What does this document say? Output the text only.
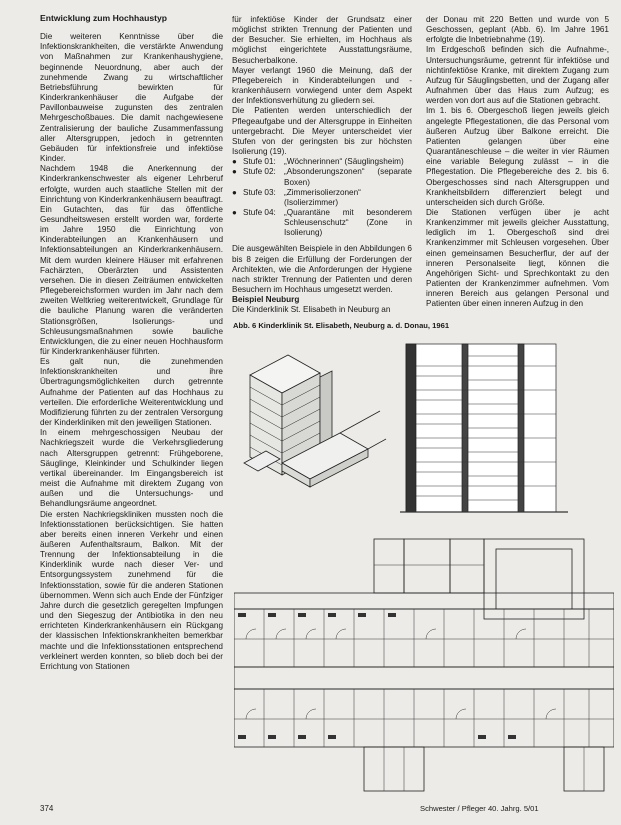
Entwicklung zum Hochhaustyp

Die weiteren Kenntnisse über die Infektionskrankheiten, die verstärkte Anwendung von Maßnahmen zur Krankenhaushygiene, beginnende Neuordnung, aber auch der zunehmende Zwang zu wirtschaftlicher Betriebsführung bewirkten für Kinderkrankenhäuser die Aufgabe der Pavillonbauweise zugunsten des zentralen Mehrgeschoßbaues. Die damit nachgewiesene Zentralisierung der bauliche Zusammenfassung aller Altersgruppen, jedoch in getrennten Gebäuden für infektionsfreie und infektiöse Kinder.

Nachdem 1948 die Anerkennung der Kinderkrankenschwester als eigener Lehrberuf erfolgte, wurden auch staatliche Stellen mit der Einrichtung von Kinderkrankenhäusern beauftragt. Ein Gutachten, das für das öffentliche Gesundheitswesen erstellt worden war, forderte im Jahre 1950 die Einrichtung von Kinderabteilungen an Krankenhäusern und Infektionsabteilungen an Kinderkrankenhäusern. Mit dem wurden kleinere Häuser mit erfahrenen Fachärzten, Oberärzten und Assistenten versehen. Die in diesen Zeiträumen entwickelten Pflegebereichsformen wurden im Jahr nach dem zweiten Weltkrieg weiterentwickelt, Grundlage für die bauliche Planung waren die veränderten Stationsgrößen, Isolierungs- und Schleusungsmaßnahmen sowie bauliche Entwicklungen, die zu einer neuen Hochhausform für Kinderkrankenhäuser führten.

Es galt nun, die zunehmenden Infektionskrankheiten und ihre Übertragungsmöglichkeiten durch getrennte Aufnahme der Patienten auf das Hochhaus zu verteilen. Die erforderliche Weiterentwicklung und Modifizierung führten zu der zentralen Versorgung der Kinderkliniken mit den jeweiligen Stationen.

In einem mehrgeschossigen Neubau der Nachkriegszeit wurde die Verkehrsgliederung nach Altersgruppen getrennt: Frühgeborene, Säuglinge, Kleinkinder und Schulkinder liegen vertikal übereinander. Im Eingangsbereich ist meist die Aufnahme mit direktem Zugang von außen und die Untersuchungs- und Behandlungsräume angeordnet.

Die ersten Nachkriegskliniken mussten noch die Infektionsstationen berücksichtigen. Sie hatten aber bereits einen inneren Verkehr und einen äußeren Aufenthaltsraum, Balkon. Mit der Trennung der Infektionsabteilung in die Kinderklinik wurde nach dieser Ver- und Entsorgungssystem zunehmend für die Infektionsstation, sowie für die anderen Stationen übernommen. Wenn sich auch Ende der Fünfziger Jahre durch die gesetzlich geregelten Impfungen und den Siegeszug der Antibiotika in den neu errichteten Kinderkrankenhäusern ein Rückgang der klassischen Infektionskrankheiten bemerkbar machte und die Infektionsstationen entsprechend verkleinert werden konnten, so blieb doch bei der Errichtung von Stationen

für infektiöse Kinder der Grundsatz einer möglichst strikten Trennung der Patienten und der Besucher. Sie erhielten, im Hochhaus als möglichst eingerichtete Ausstattungsräume, Besucherbalkone.

Mayer verlangt 1960 die Meinung, daß der Pflegebereich in Kinderabteilungen und -krankenhäusern vorwiegend unter dem Aspekt der Infektionsverhütung zu gliedern sei.

Die Patienten werden unterschiedlich der Pflegeaufgabe und der Altersgruppe in Einheiten untergebracht. Die Meyer unterscheidet vier Stufen von der geringsten bis zur höchsten Isolierung (19).

● Stufe 01:	„Wöchnerinnen“ (Säuglingsheim)
● Stufe 02:	„Absonderungszonen“ (separate Boxen)
● Stufe 03:	„Zimmerisolierzonen“ (Isolierzimmer)
● Stufe 04:	„Quarantäne mit besonderem Schleusenschutz“ (Zone in Isolierung)

Die ausgewählten Beispiele in den Abbildungen 6 bis 8 zeigen die Erfüllung der Forderungen der Architekten, wie die Anforderungen der Hygiene nach strikter Trennung der Patienten und deren Besuchern im Hochhaus umgesetzt werden.

Beispiel Neuburg

Die Kinderklinik St. Elisabeth in Neuburg an

der Donau mit 220 Betten und wurde von 5 Geschossen, geplant (Abb. 6). Im Jahre 1961 erfolgte die Inbetriebnahme (19).

Im Erdgeschoß befinden sich die Aufnahme-, Untersuchungsräume, getrennt für infektiöse und nichtinfektiöse Kranke, mit direktem Zugang zum Aufzug für Säuglingsbetten, und der Zugang aller Aufnahmen über das Haus zum Aufzug; es werden von dort aus auf die Stationen gebracht.

Im 1. bis 6. Obergeschoß liegen jeweils gleich angelegte Pflegestationen, die das Personal vom äußeren Aufzug über Balkone erreicht. Die Patienten gelangen über eine Quarantäneschleuse – die weiter in vier Räumen eine variable Belegung zulässt – in die Pflegestation. Die Pflegebereiche des 2. bis 6. Obergeschosses sind nach Altersgruppen und Krankheitsbildern differenziert belegt und unterscheiden sich durch Größe.

Die Stationen verfügen über je acht Krankenzimmer mit jeweils gleicher Ausstattung, lediglich im 1. Obergeschoß sind drei Krankenzimmer mit Schleusen vorgesehen. Über einen gemeinsamen Besucherflur, der auf der inneren Personalseite liegt, können die Angehörigen Sicht- und Sprechkontakt zu den Patienten der Krankenzimmer aufnehmen. Vom inneren Bereich aus gelangen Personal und Patienten über einen inneren Aufzug in den

Abb. 6 Kinderklinik St. Elisabeth, Neuburg a. d. Donau, 1961
374	Schwester / Pfleger 40. Jahrg. 5/01
